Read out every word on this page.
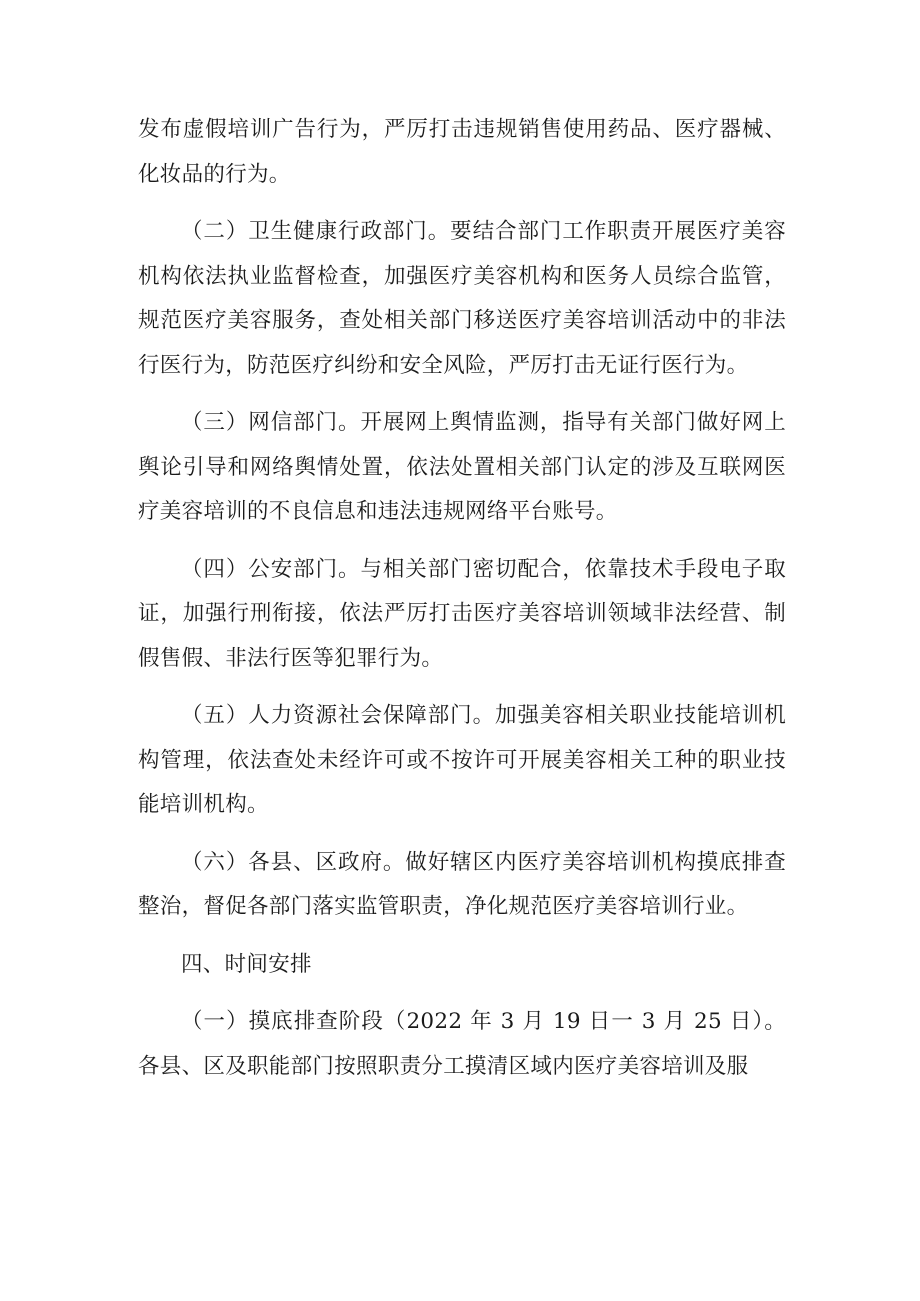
发布虚假培训广告行为，严厉打击违规销售使用药品、医疗器械、化妆品的行为。

（二）卫生健康行政部门。要结合部门工作职责开展医疗美容机构依法执业监督检查，加强医疗美容机构和医务人员综合监管，规范医疗美容服务，查处相关部门移送医疗美容培训活动中的非法行医行为，防范医疗纠纷和安全风险，严厉打击无证行医行为。

（三）网信部门。开展网上舆情监测，指导有关部门做好网上舆论引导和网络舆情处置，依法处置相关部门认定的涉及互联网医疗美容培训的不良信息和违法违规网络平台账号。

（四）公安部门。与相关部门密切配合，依靠技术手段电子取证，加强行刑衔接，依法严厉打击医疗美容培训领域非法经营、制假售假、非法行医等犯罪行为。

（五）人力资源社会保障部门。加强美容相关职业技能培训机构管理，依法查处未经许可或不按许可开展美容相关工种的职业技能培训机构。

（六）各县、区政府。做好辖区内医疗美容培训机构摸底排查整治，督促各部门落实监管职责，净化规范医疗美容培训行业。

四、时间安排

（一）摸底排查阶段（2022 年 3 月 19 日一 3 月 25 日）。各县、区及职能部门按照职责分工摸清区域内医疗美容培训及服
